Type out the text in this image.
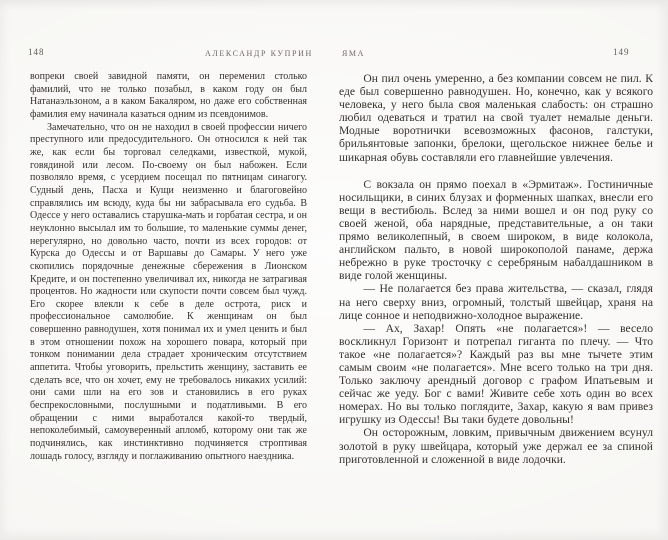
148	АЛЕКСАНДР КУПРИН	ЯМА	149

вопреки своей завидной памяти, он переменил столько фамилий, что не только позабыл, в каком году он был Натанаэльзоном, а в каком Бакаляром, но даже его собственная фамилия ему начинала казаться одним из псевдонимов.

Замечательно, что он не находил в своей профессии ничего преступного или предосудительного. Он относился к ней так же, как если бы торговал селедками, известкой, мукой, говядиной или лесом. По-своему он был набожен. Если позволяло время, с усердием посещал по пятницам синагогу. Судный день, Пасха и Кущи неизменно и благоговейно справлялись им всюду, куда бы ни забрасывала его судьба. В Одессе у него оставались старушка-мать и горбатая сестра, и он неуклонно высылал им то большие, то маленькие суммы денег, нерегулярно, но довольно часто, почти из всех городов: от Курска до Одессы и от Варшавы до Самары. У него уже скопились порядочные денежные сбережения в Лионском Кредите, и он постепенно увеличивал их, никогда не затрагивая процентов. Но жадности или скупости почти совсем был чужд. Его скорее влекли к себе в деле острота, риск и профессиональное самолюбие. К женщинам он был совершенно равнодушен, хотя понимал их и умел ценить и был в этом отношении похож на хорошего повара, который при тонком понимании дела страдает хроническим отсутствием аппетита. Чтобы уговорить, прельстить женщину, заставить ее сделать все, что он хочет, ему не требовалось никаких усилий: они сами шли на его зов и становились в его руках беспрекословными, послушными и податливыми. В его обращении с ними выработался какой-то твердый, непоколебимый, самоуверенный апломб, которому они так же подчинялись, как инстинктивно подчиняется строптивая лошадь голосу, взгляду и поглаживанию опытного наездника.

Он пил очень умеренно, а без компании совсем не пил. К еде был совершенно равнодушен. Но, конечно, как у всякого человека, у него была своя маленькая слабость: он страшно любил одеваться и тратил на свой туалет немалые деньги. Модные воротнички всевозможных фасонов, галстуки, брильянтовые запонки, брелоки, щегольское нижнее белье и шикарная обувь составляли его главнейшие увлечения.

С вокзала он прямо поехал в «Эрмитаж». Гостиничные носильщики, в синих блузах и форменных шапках, внесли его вещи в вестибюль. Вслед за ними вошел и он под руку со своей женой, оба нарядные, представительные, а он таки прямо великолепный, в своем широком, в виде колокола, английском пальто, в новой широкополой панаме, держа небрежно в руке тросточку с серебряным набалдашником в виде голой женщины.

— Не полагается без права жительства, — сказал, глядя на него сверху вниз, огромный, толстый швейцар, храня на лице сонное и неподвижно-холодное выражение.

— Ах, Захар! Опять «не полагается»! — весело воскликнул Горизонт и потрепал гиганта по плечу. — Что такое «не полагается»? Каждый раз вы мне тычете этим самым своим «не полагается». Мне всего только на три дня. Только заключу арендный договор с графом Ипатьевым и сейчас же уеду. Бог с вами! Живите себе хоть один во всех номерах. Но вы только поглядите, Захар, какую я вам привез игрушку из Одессы! Вы таки будете довольны!

Он осторожным, ловким, привычным движением всунул золотой в руку швейцара, который уже держал ее за спиной приготовленной и сложенной в виде лодочки.
